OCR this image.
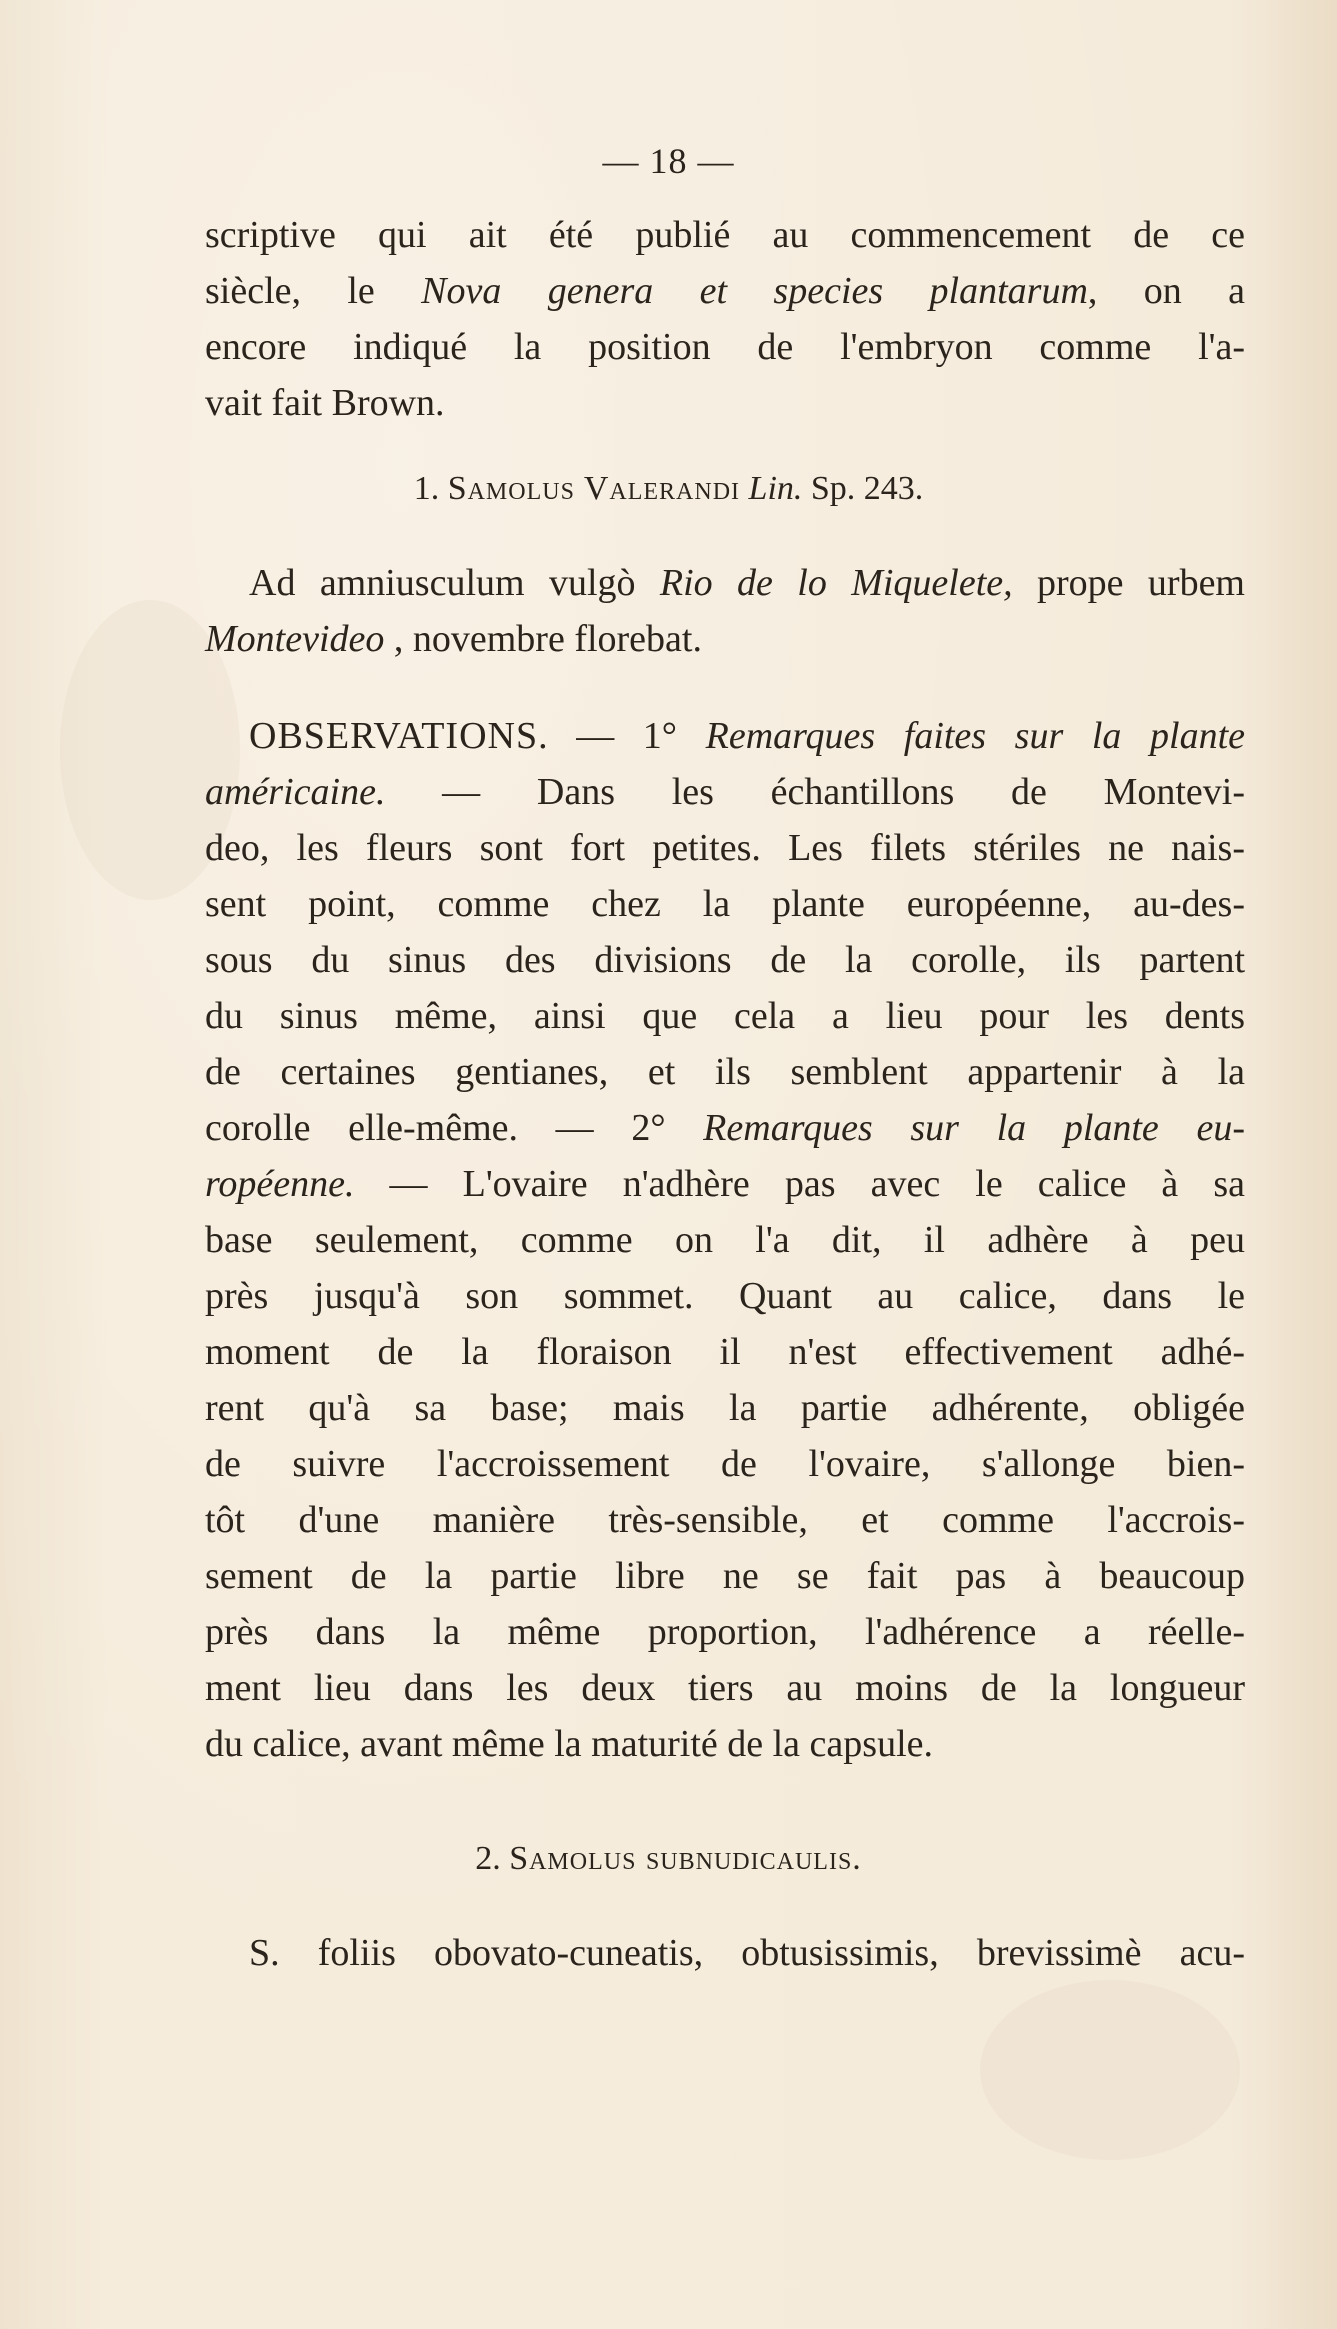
— 18 —
scriptive qui ait été publié au commencement de ce
siècle, le Nova genera et species plantarum, on a
encore indiqué la position de l'embryon comme l'a-
vait fait Brown.
1. Samolus Valerandi Lin. Sp. 243.
Ad amniusculum vulgò Rio de lo Miquelete, prope urbem
Montevideo , novembre florebat.
OBSERVATIONS. — 1° Remarques faites sur la plante
américaine. — Dans les échantillons de Montevi-
deo, les fleurs sont fort petites. Les filets stériles ne nais-
sent point, comme chez la plante européenne, au-des-
sous du sinus des divisions de la corolle, ils partent
du sinus même, ainsi que cela a lieu pour les dents
de certaines gentianes, et ils semblent appartenir à la
corolle elle-même. — 2° Remarques sur la plante eu-
ropéenne. — L'ovaire n'adhère pas avec le calice à sa
base seulement, comme on l'a dit, il adhère à peu
près jusqu'à son sommet. Quant au calice, dans le
moment de la floraison il n'est effectivement adhé-
rent qu'à sa base; mais la partie adhérente, obligée
de suivre l'accroissement de l'ovaire, s'allonge bien-
tôt d'une manière très-sensible, et comme l'accrois-
sement de la partie libre ne se fait pas à beaucoup
près dans la même proportion, l'adhérence a réelle-
ment lieu dans les deux tiers au moins de la longueur
du calice, avant même la maturité de la capsule.
2. Samolus subnudicaulis.
S. foliis obovato-cuneatis, obtusissimis, brevissimè acu-
